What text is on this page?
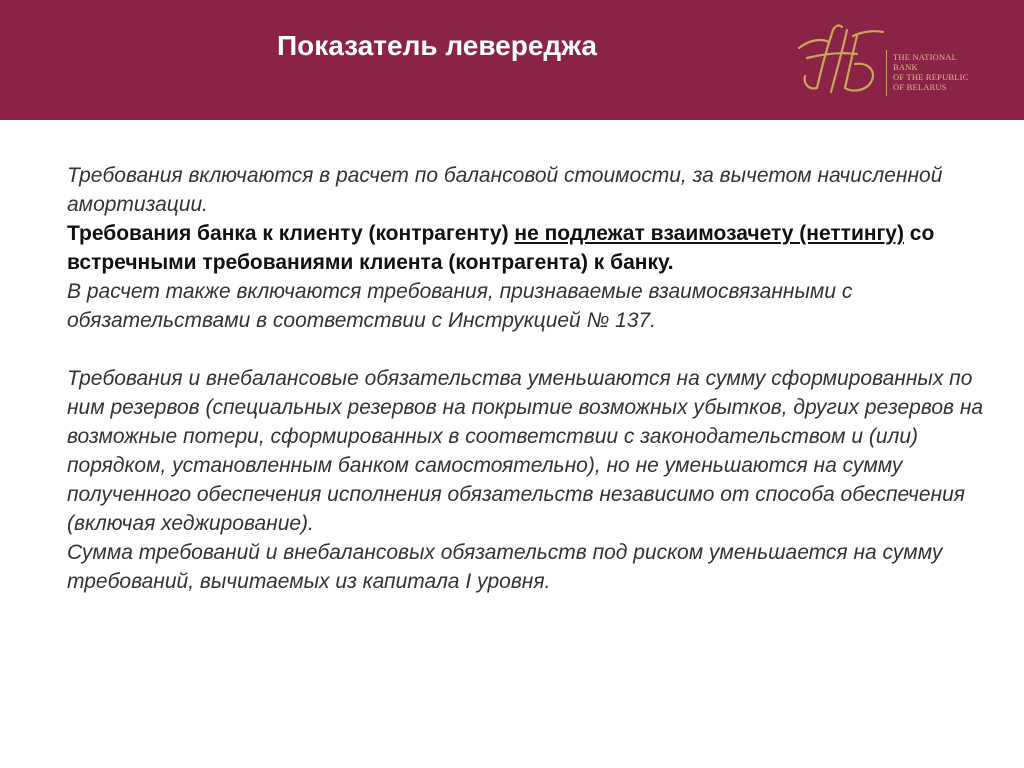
Показатель левереджа	THE NATIONAL
BANK
OF THE REPUBLIC
OF BELARUS

Требования включаются в расчет по балансовой стоимости, за вычетом начисленной амортизации.

Требования банка к клиенту (контрагенту) не подлежат взаимозачету (неттингу) со встречными требованиями клиента (контрагента) к банку.

В расчет также включаются требования, признаваемые взаимосвязанными с обязательствами в соответствии с Инструкцией № 137.

Требования и внебалансовые обязательства уменьшаются на сумму сформированных по ним резервов (специальных резервов на покрытие возможных убытков, других резервов на возможные потери, сформированных в соответствии с законодательством и (или) порядком, установленным банком самостоятельно), но не уменьшаются на сумму полученного обеспечения исполнения обязательств независимо от способа обеспечения (включая хеджирование).

Сумма требований и внебалансовых обязательств под риском уменьшается на сумму требований, вычитаемых из капитала I уровня.
